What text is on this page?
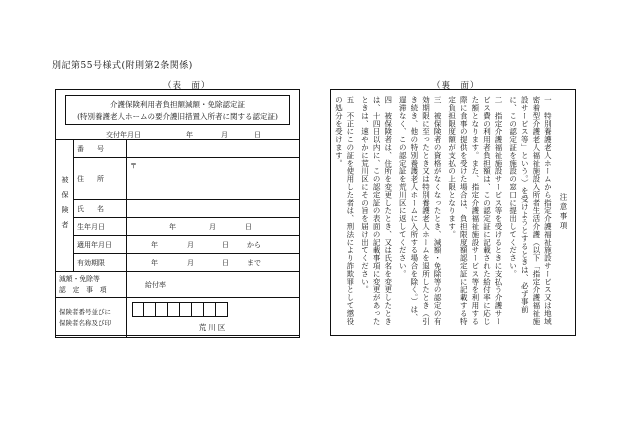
別記第55号様式(附則第2条関係)
（表　面）	（裏　面）
介護保険利用者負担額減額・免除認定証
(特別養護老人ホームの要介護旧措置入所者に関する認定証)
交付年月日	年	月	日
被保険者	番　号	
	住　所	〒
	氏　名	
	生年月日	年 月 日

	適用年月日	年 月 日 から

	有効期限	年 月 日 まで

減額・免除等
認　定　事　項		給付率

保険者番号並びに
保険者名称及び印		荒川区
注意事項

一　特別養護老人ホームから指定介護福祉施設サービス又は地域密着型介護老人福祉施設入所者生活介護（以下「指定介護福祉施設サービス等」という。）を受けようとするときは、必ず事前に、この認定証を施設の窓口に提出してください。

二　指定介護福祉施設サービス等を受けるときに支払う介護サービス費の利用者負担額は、この認定証に記載された給付率に応じた額となります。また、指定介護福祉施設サービス等を利用する際に食事の提供を受けた場合は、負担限度額認定証に記載する特定負担限度額が支払の上限となります。

三　被保険者の資格がなくなったとき、減額・免除等の認定の有効期限に至ったとき又は特別養護老人ホームを退所したとき（引き続き、他の特別養護老人ホームに入所する場合を除く。）は、遅滞なく、この認定証を荒川区に返してください。

四　被保険者は、住所を変更したとき、又は氏名を変更したときは、十四日以内に、この認定証の表面の記載事項に変更があったときは、速やかに荒川区にその旨を届け出てください。

五　不正にこの証を使用した者は、刑法により詐欺罪として懲役の処分を受けます。
